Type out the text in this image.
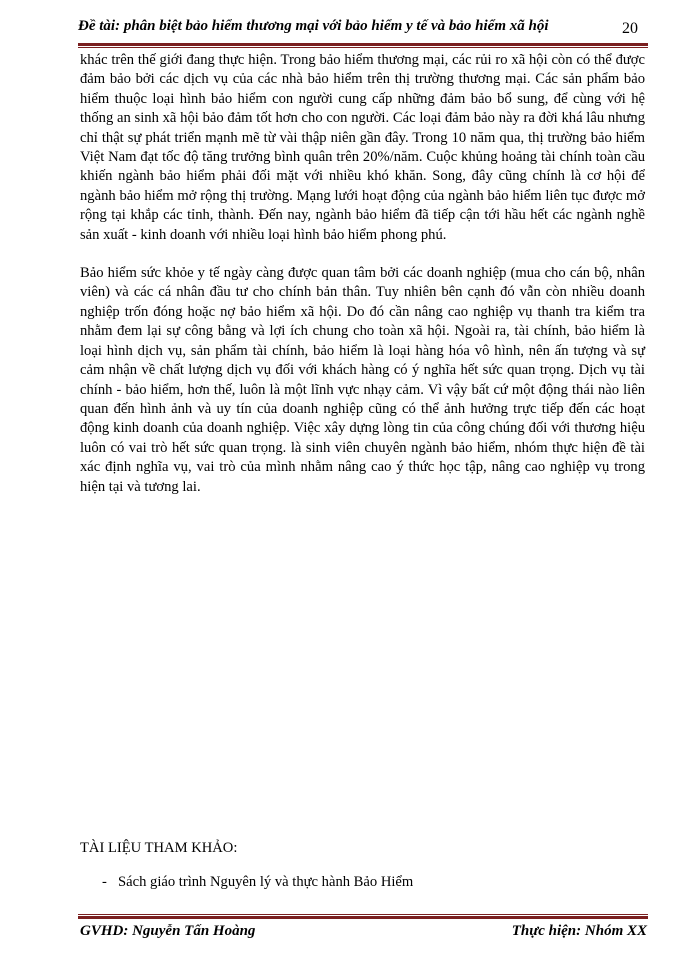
Đề tài: phân biệt bảo hiểm thương mại với bảo hiểm y tế và bảo hiểm xã hội	20

khác trên thế giới đang thực hiện. Trong bảo hiểm thương mại, các rủi ro xã hội còn có thể được đảm bảo bởi các dịch vụ của các nhà bảo hiểm trên thị trường thương mại. Các sản phẩm bảo hiểm thuộc loại hình bảo hiểm con người cung cấp những đảm bảo bổ sung, để cùng với hệ thống an sinh xã hội bảo đảm tốt hơn cho con người. Các loại đảm bảo này ra đời khá lâu nhưng chỉ thật sự phát triển mạnh mẽ từ vài thập niên gần đây. Trong 10 năm qua, thị trường bảo hiểm Việt Nam đạt tốc độ tăng trưởng bình quân trên 20%/năm. Cuộc khủng hoảng tài chính toàn cầu khiến ngành bảo hiểm phải đối mặt với nhiều khó khăn. Song, đây cũng chính là cơ hội để ngành bảo hiểm mở rộng thị trường. Mạng lưới hoạt động của ngành bảo hiểm liên tục được mở rộng tại khắp các tỉnh, thành. Đến nay, ngành bảo hiểm đã tiếp cận tới hầu hết các ngành nghề sản xuất - kinh doanh với nhiều loại hình bảo hiểm phong phú.

Bảo hiểm sức khỏe y tế ngày càng được quan tâm bởi các doanh nghiệp (mua cho cán bộ, nhân viên) và các cá nhân đầu tư cho chính bản thân. Tuy nhiên bên cạnh đó vẫn còn nhiều doanh nghiệp trốn đóng hoặc nợ bảo hiểm xã hội. Do đó cần nâng cao nghiệp vụ thanh tra kiểm tra nhằm đem lại sự công bằng và lợi ích chung cho toàn xã hội. Ngoài ra, tài chính, bảo hiểm là loại hình dịch vụ, sản phẩm tài chính, bảo hiểm là loại hàng hóa vô hình, nên ấn tượng và sự cảm nhận về chất lượng dịch vụ đối với khách hàng có ý nghĩa hết sức quan trọng. Dịch vụ tài chính - bảo hiểm, hơn thế, luôn là một lĩnh vực nhạy cảm. Vì vậy bất cứ một động thái nào liên quan đến hình ảnh và uy tín của doanh nghiệp cũng có thể ảnh hưởng trực tiếp đến các hoạt động kinh doanh của doanh nghiệp. Việc xây dựng lòng tin của công chúng đối với thương hiệu luôn có vai trò hết sức quan trọng. là sinh viên chuyên ngành bảo hiểm, nhóm thực hiện đề tài xác định nghĩa vụ, vai trò của mình nhằm nâng cao ý thức học tập, nâng cao nghiệp vụ trong hiện tại và tương lai.

TÀI LIỆU THAM KHẢO:

- Sách giáo trình Nguyên lý và thực hành Bảo Hiểm
GVHD: Nguyễn Tấn Hoàng	Thực hiện: Nhóm XX
